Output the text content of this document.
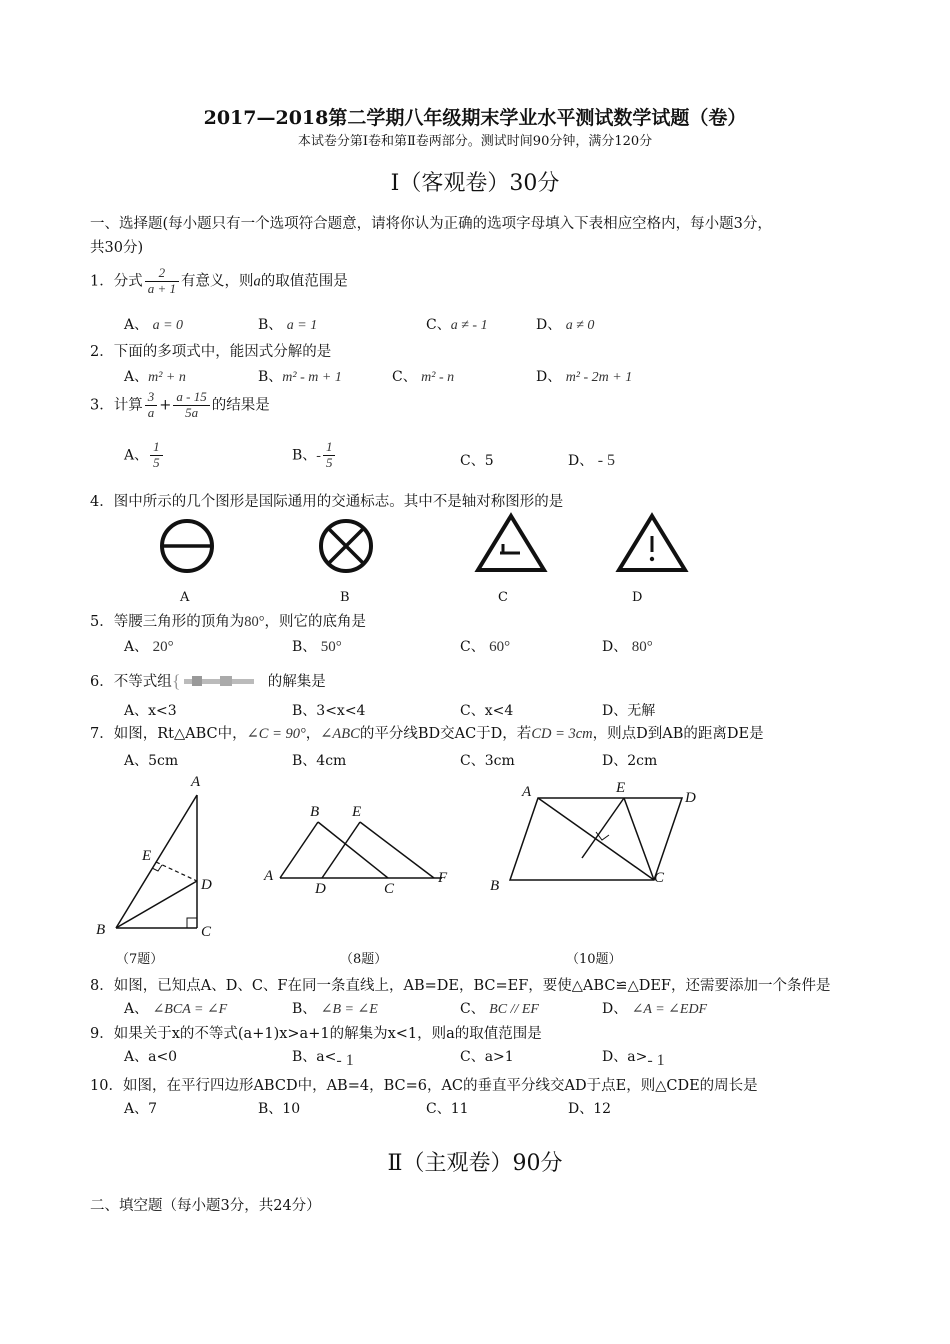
2017—2018第二学期八年级期末学业水平测试数学试题（卷）
本试卷分第Ⅰ卷和第Ⅱ卷两部分。测试时间90分钟，满分120分
Ⅰ（客观卷）30分
一、选择题(每小题只有一个选项符合题意，请将你认为正确的选项字母填入下表相应空格内，每小题3分，
共30分)
1．分式 $\frac{2}{a + 1}$ 有意义，则a的取值范围是
A、 a = 0	B、 a = 1	C、a ≠ - 1	D、 a ≠ 0
2．下面的多项式中，能因式分解的是
A、m² + n	B、m² - m + 1	C、 m² - n	D、 m² - 2m + 1
3．计算 $\frac{3}{a} + \frac{a - 15}{5a}$ 的结果是
A、 $\frac{1}{5}$	B、- $\frac{1}{5}$	C、5	D、 - 5
4．图中所示的几个图形是国际通用的交通标志。其中不是轴对称图形的是
A	B	C	D
5．等腰三角形的顶角为80°，则它的底角是
A、 20°	B、 50°	C、 60°	D、 80°
6．不等式组 {	的解集是
A、x<3	B、3<x<4	C、x<4	D、无解
7．如图，Rt△ABC中，∠C = 90°，∠ABC的平分线BD交AC于D，若CD = 3cm，则点D到AB的距离DE是
A、5cm	B、4cm	C、3cm	D、2cm
A
E
D
B	C
（7题）
B E
A
D	C
F
（8题）
A	E
D
B	C
（10题）
8．如图，已知点A、D、C、F在同一条直线上，AB=DE，BC=EF，要使△ABC≌△DEF，还需要添加一个条件是
A、 ∠BCA = ∠F	B、 ∠B = ∠E	C、 BC // EF	D、 ∠A = ∠EDF
9．如果关于x的不等式(a+1)x>a+1的解集为x<1，则a的取值范围是
A、a<0	B、a<- 1	C、a>1	D、a>- 1
10．如图，在平行四边形ABCD中，AB=4，BC=6，AC的垂直平分线交AD于点E，则△CDE的周长是
A、7	B、10	C、11	D、12
Ⅱ（主观卷）90分
二、填空题（每小题3分，共24分）
